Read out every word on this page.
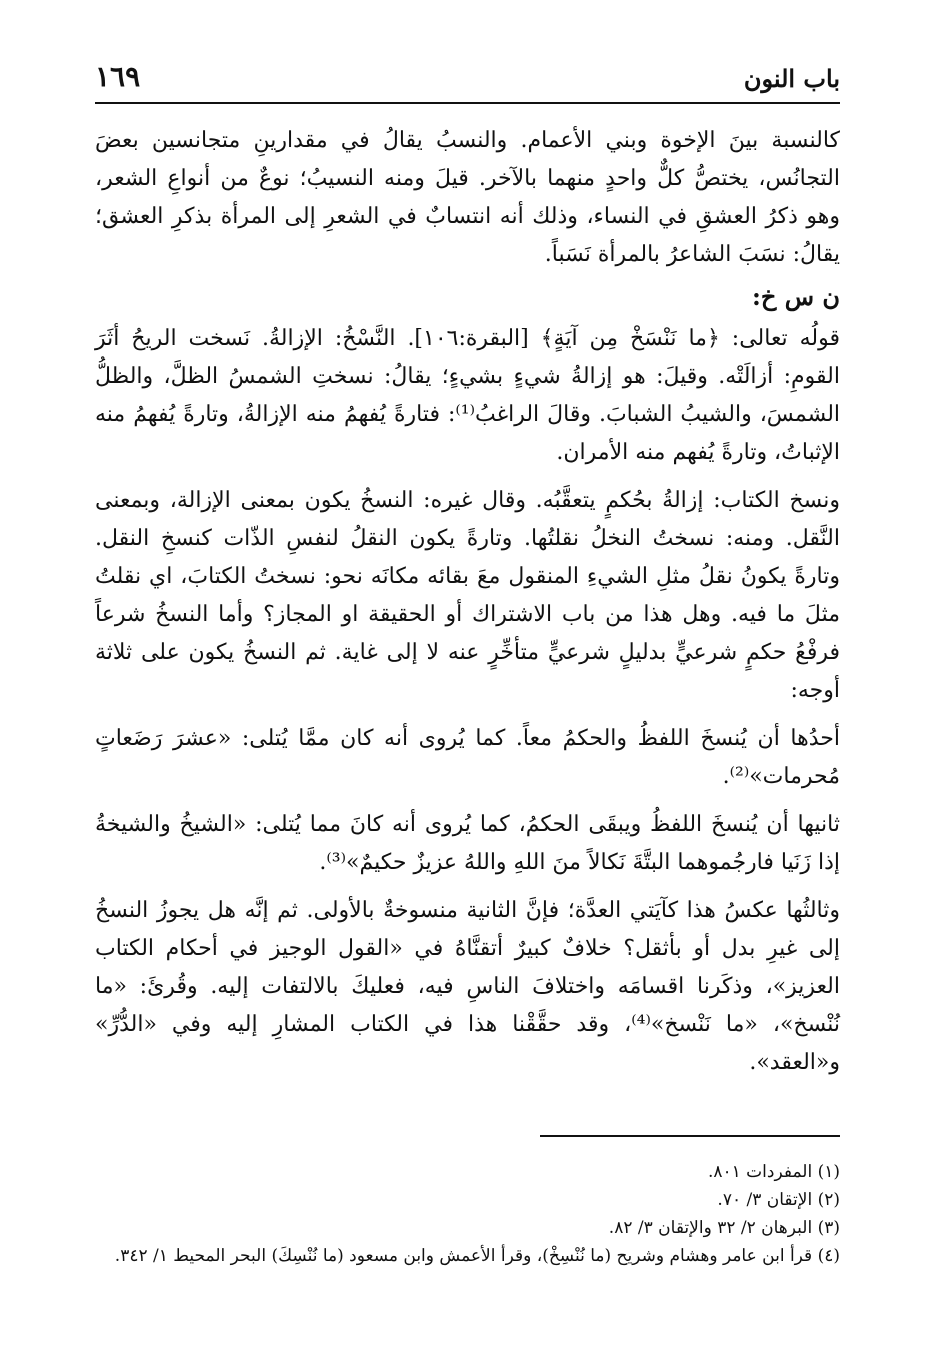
باب النون
١٦٩

كالنسبة بينَ الإخوة وبني الأعمام. والنسبُ يقالُ في مقدارينِ متجانسين بعضَ التجانُس، يختصُّ كلٌّ واحدٍ منهما بالآخر. قيلَ ومنه النسيبُ؛ نوعٌ من أنواعِ الشعر، وهو ذكرُ العشقِ في النساء، وذلك أنه انتسابٌ في الشعرِ إلى المرأة بذكرِ العشق؛ يقالُ: نسَبَ الشاعرُ بالمرأة نَسَباً.

ن س خ:

قولُه تعالى: ﴿ما نَنْسَخْ مِن آيَةٍ﴾ [البقرة:١٠٦]. النَّسْخُ: الإزالةُ. نَسخت الريحُ أثَرَ القومِ: أزالَتْه. وقيلَ: هو إزالةُ شيءٍ بشيءٍ؛ يقالُ: نسختِ الشمسُ الظلَّ، والظلُّ الشمسَ، والشيبُ الشبابَ. وقالَ الراغبُ⁽¹⁾: فتارةً يُفهمُ منه الإزالةُ، وتارةً يُفهمُ منه الإثباتُ، وتارةً يُفهم منه الأمران.

ونسخ الكتاب: إزالةُ بحُكمٍ يتعقَّبُه. وقال غيره: النسخُ يكون بمعنى الإزالة، وبمعنى النَّقل. ومنه: نسختُ النخلُ نقلتُها. وتارةً يكون النقلُ لنفسِ الذّات كنسخِ النقل. وتارةً يكونُ نقلُ مثلِ الشيءِ المنقول معَ بقائه مكانَه نحو: نسختُ الكتابَ، اي نقلتُ مثلَ ما فيه. وهل هذا من باب الاشتراك أو الحقيقة او المجاز؟ وأما النسخُ شرعاً فرفْعُ حكمٍ شرعيٍّ بدليلٍ شرعيٍّ متأخِّرٍ عنه لا إلى غاية. ثم النسخُ يكون على ثلاثة أوجه:

أحدُها أن يُنسخَ اللفظُ والحكمُ معاً. كما يُروى أنه كان ممَّا يُتلى: «عشرَ رَضَعاتٍ مُحرمات»⁽²⁾.

ثانيها أن يُنسخَ اللفظُ ويبقَى الحكمُ، كما يُروى أنه كانَ مما يُتلى: «الشيخُ والشيخةُ إذا زَنَيا فارجُموهما البتَّةَ نَكالاً منَ اللهِ واللهُ عزيزٌ حكيمٌ»⁽³⁾.

وثالثُها عكسُ هذا كآيَتي العدَّة؛ فإنَّ الثانية منسوخةٌ بالأولى. ثم إنَّه هل يجوزُ النسخُ إلى غيرِ بدل أو بأثقل؟ خلافٌ كبيرٌ أتقنَّاهُ في «القول الوجيز في أحكام الكتاب العزيز»، وذكَرنا اقسامَه واختلافَ الناسِ فيه، فعليكَ بالالتفات إليه. وقُرئَ: «ما نُنْسخ»، «ما نَنْسخ»⁽⁴⁾، وقد حقَّقْنا هذا في الكتاب المشارِ إليه وفي «الدُّرِّ» و«العقد».

(١) المفردات ٨٠١.

(٢) الإتقان ٣/ ٧٠.

(٣) البرهان ٢/ ٣٢ والإتقان ٣/ ٨٢.

(٤) قرأ ابن عامر وهشام وشريح (ما نُنْسِخْ)، وقرأ الأعمش وابن مسعود (ما نُنْسِكَ) البحر المحيط ١/ ٣٤٢.
